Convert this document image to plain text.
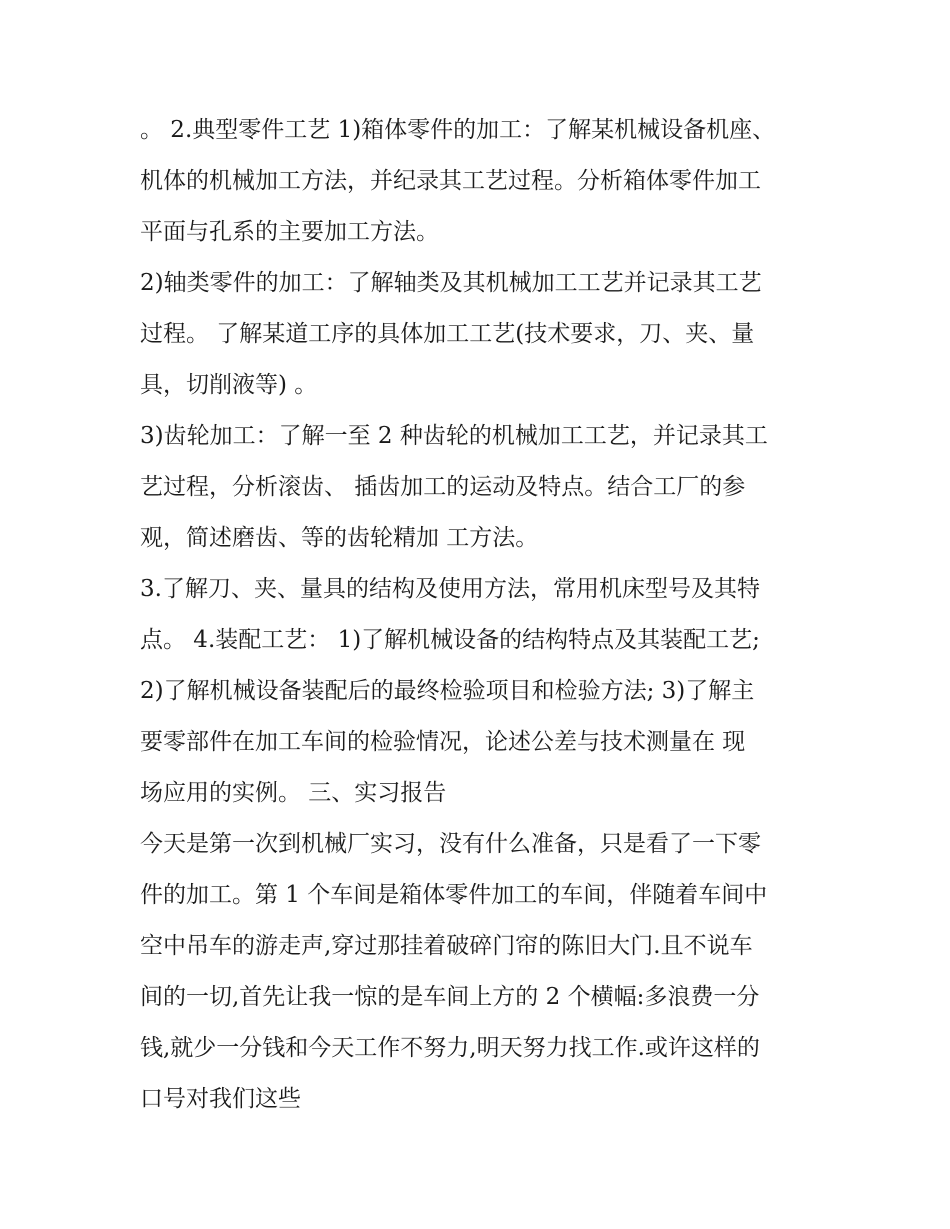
。 2.典型零件工艺 1)箱体零件的加工：了解某机械设备机座、
机体的机械加工方法，并纪录其工艺过程。分析箱体零件加工
平面与孔系的主要加工方法。
2)轴类零件的加工：了解轴类及其机械加工工艺并记录其工艺
过程。 了解某道工序的具体加工工艺(技术要求，刀、夹、量
具，切削液等) 。
3)齿轮加工：了解一至 2 种齿轮的机械加工工艺，并记录其工
艺过程，分析滚齿、 插齿加工的运动及特点。结合工厂的参
观，简述磨齿、等的齿轮精加 工方法。
3.了解刀、夹、量具的结构及使用方法，常用机床型号及其特
点。 4.装配工艺： 1)了解机械设备的结构特点及其装配工艺;
2)了解机械设备装配后的最终检验项目和检验方法; 3)了解主
要零部件在加工车间的检验情况，论述公差与技术测量在 现
场应用的实例。 三、实习报告
今天是第一次到机械厂实习，没有什么准备，只是看了一下零
件的加工。第 1 个车间是箱体零件加工的车间，伴随着车间中
空中吊车的游走声,穿过那挂着破碎门帘的陈旧大门.且不说车
间的一切,首先让我一惊的是车间上方的 2 个横幅:多浪费一分
钱,就少一分钱和今天工作不努力,明天努力找工作.或许这样的
口号对我们这些
